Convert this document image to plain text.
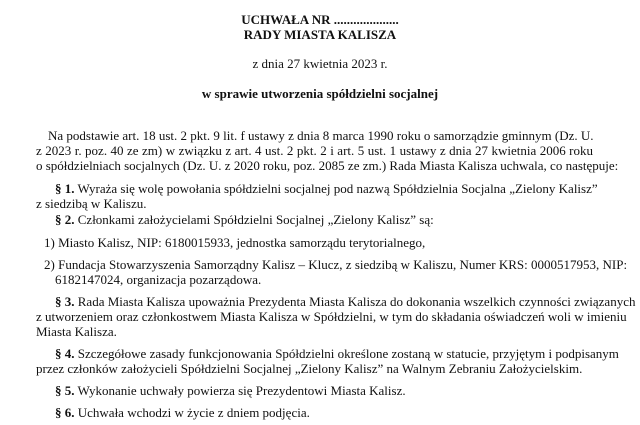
UCHWAŁA NR ....................
RADY MIASTA KALISZA
z dnia 27 kwietnia 2023 r.
w sprawie utworzenia spółdzielni socjalnej
Na podstawie art. 18 ust. 2 pkt. 9 lit. f ustawy z dnia 8 marca 1990 roku o samorządzie gminnym (Dz. U.
z 2023 r. poz. 40 ze zm) w związku z art. 4 ust. 2 pkt. 2 i art. 5 ust. 1 ustawy z dnia 27 kwietnia 2006 roku
o spółdzielniach socjalnych (Dz. U. z 2020 roku, poz. 2085 ze zm.) Rada Miasta Kalisza uchwala, co następuje:
§ 1. Wyraża się wolę powołania spółdzielni socjalnej pod nazwą Spółdzielnia Socjalna „Zielony Kalisz”
z siedzibą w Kaliszu.
§ 2. Członkami założycielami Spółdzielni Socjalnej „Zielony Kalisz” są:
1) Miasto Kalisz, NIP: 6180015933, jednostka samorządu terytorialnego,
2) Fundacja Stowarzyszenia Samorządny Kalisz – Klucz, z siedzibą w Kaliszu, Numer KRS: 0000517953, NIP:
6182147024, organizacja pozarządowa.
§ 3. Rada Miasta Kalisza upoważnia Prezydenta Miasta Kalisza do dokonania wszelkich czynności związanych
z utworzeniem oraz członkostwem Miasta Kalisza w Spółdzielni, w tym do składania oświadczeń woli w imieniu
Miasta Kalisza.
§ 4. Szczegółowe zasady funkcjonowania Spółdzielni określone zostaną w statucie, przyjętym i podpisanym
przez członków założycieli Spółdzielni Socjalnej „Zielony Kalisz” na Walnym Zebraniu Założycielskim.
§ 5. Wykonanie uchwały powierza się Prezydentowi Miasta Kalisz.
§ 6. Uchwała wchodzi w życie z dniem podjęcia.
